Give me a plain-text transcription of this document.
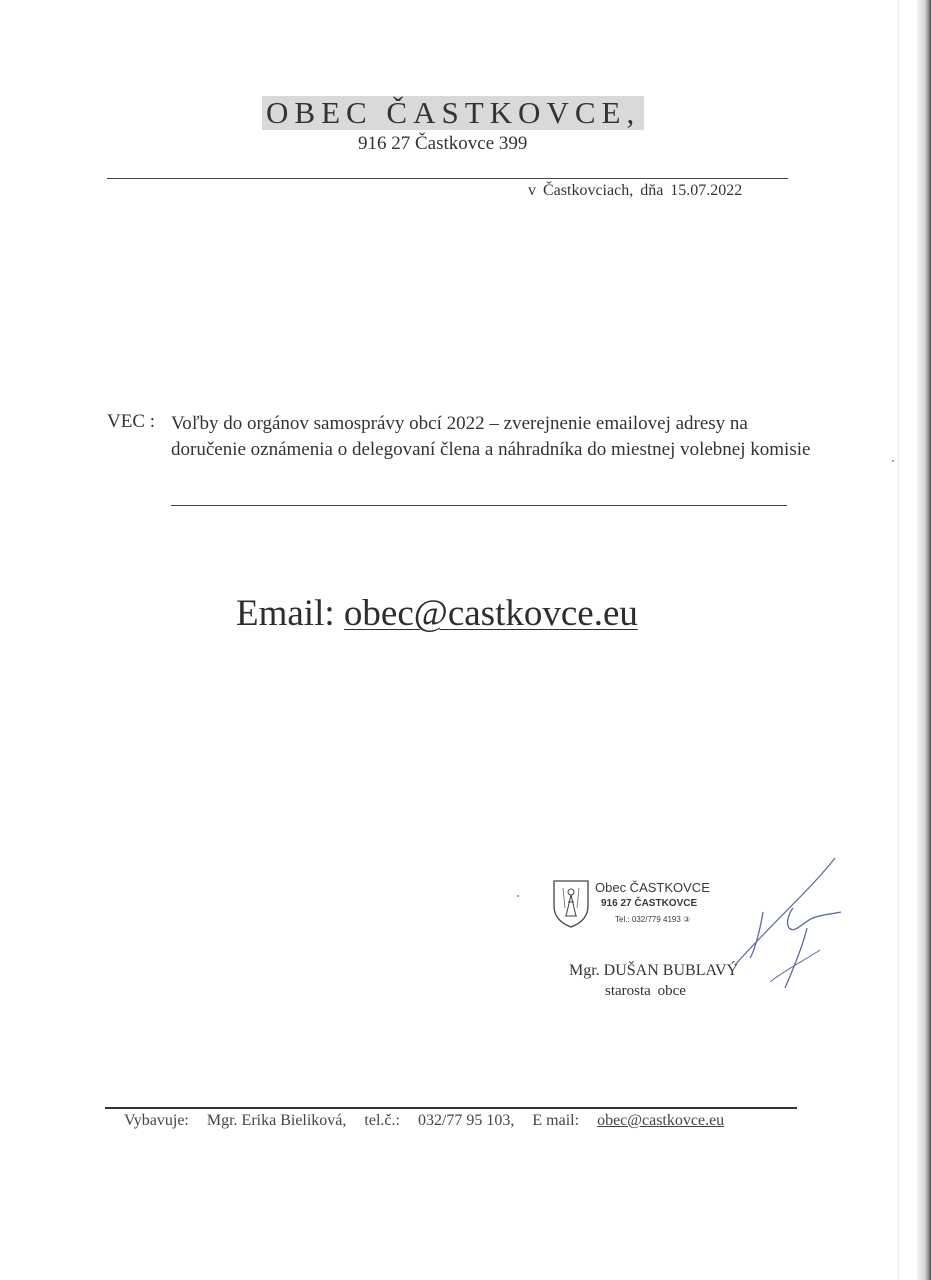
OBEC ČASTKOVCE,
916 27 Častkovce 399
v Častkovciach, dňa 15.07.2022
VEC : Voľby do orgánov samosprávy obcí 2022 – zverejnenie emailovej adresy na doručenie oznámenia o delegovaní člena a náhradníka do miestnej volebnej komisie
Email: obec@castkovce.eu
Obec ČASTKOVCE
916 27 ČASTKOVCE
Tel.: 032/779 4193 ③
Mgr. DUŠAN BUBLAVÝ
starosta obce
Vybavuje: Mgr. Erika Bieliková, tel.č.: 032/77 95 103, E mail: obec@castkovce.eu
